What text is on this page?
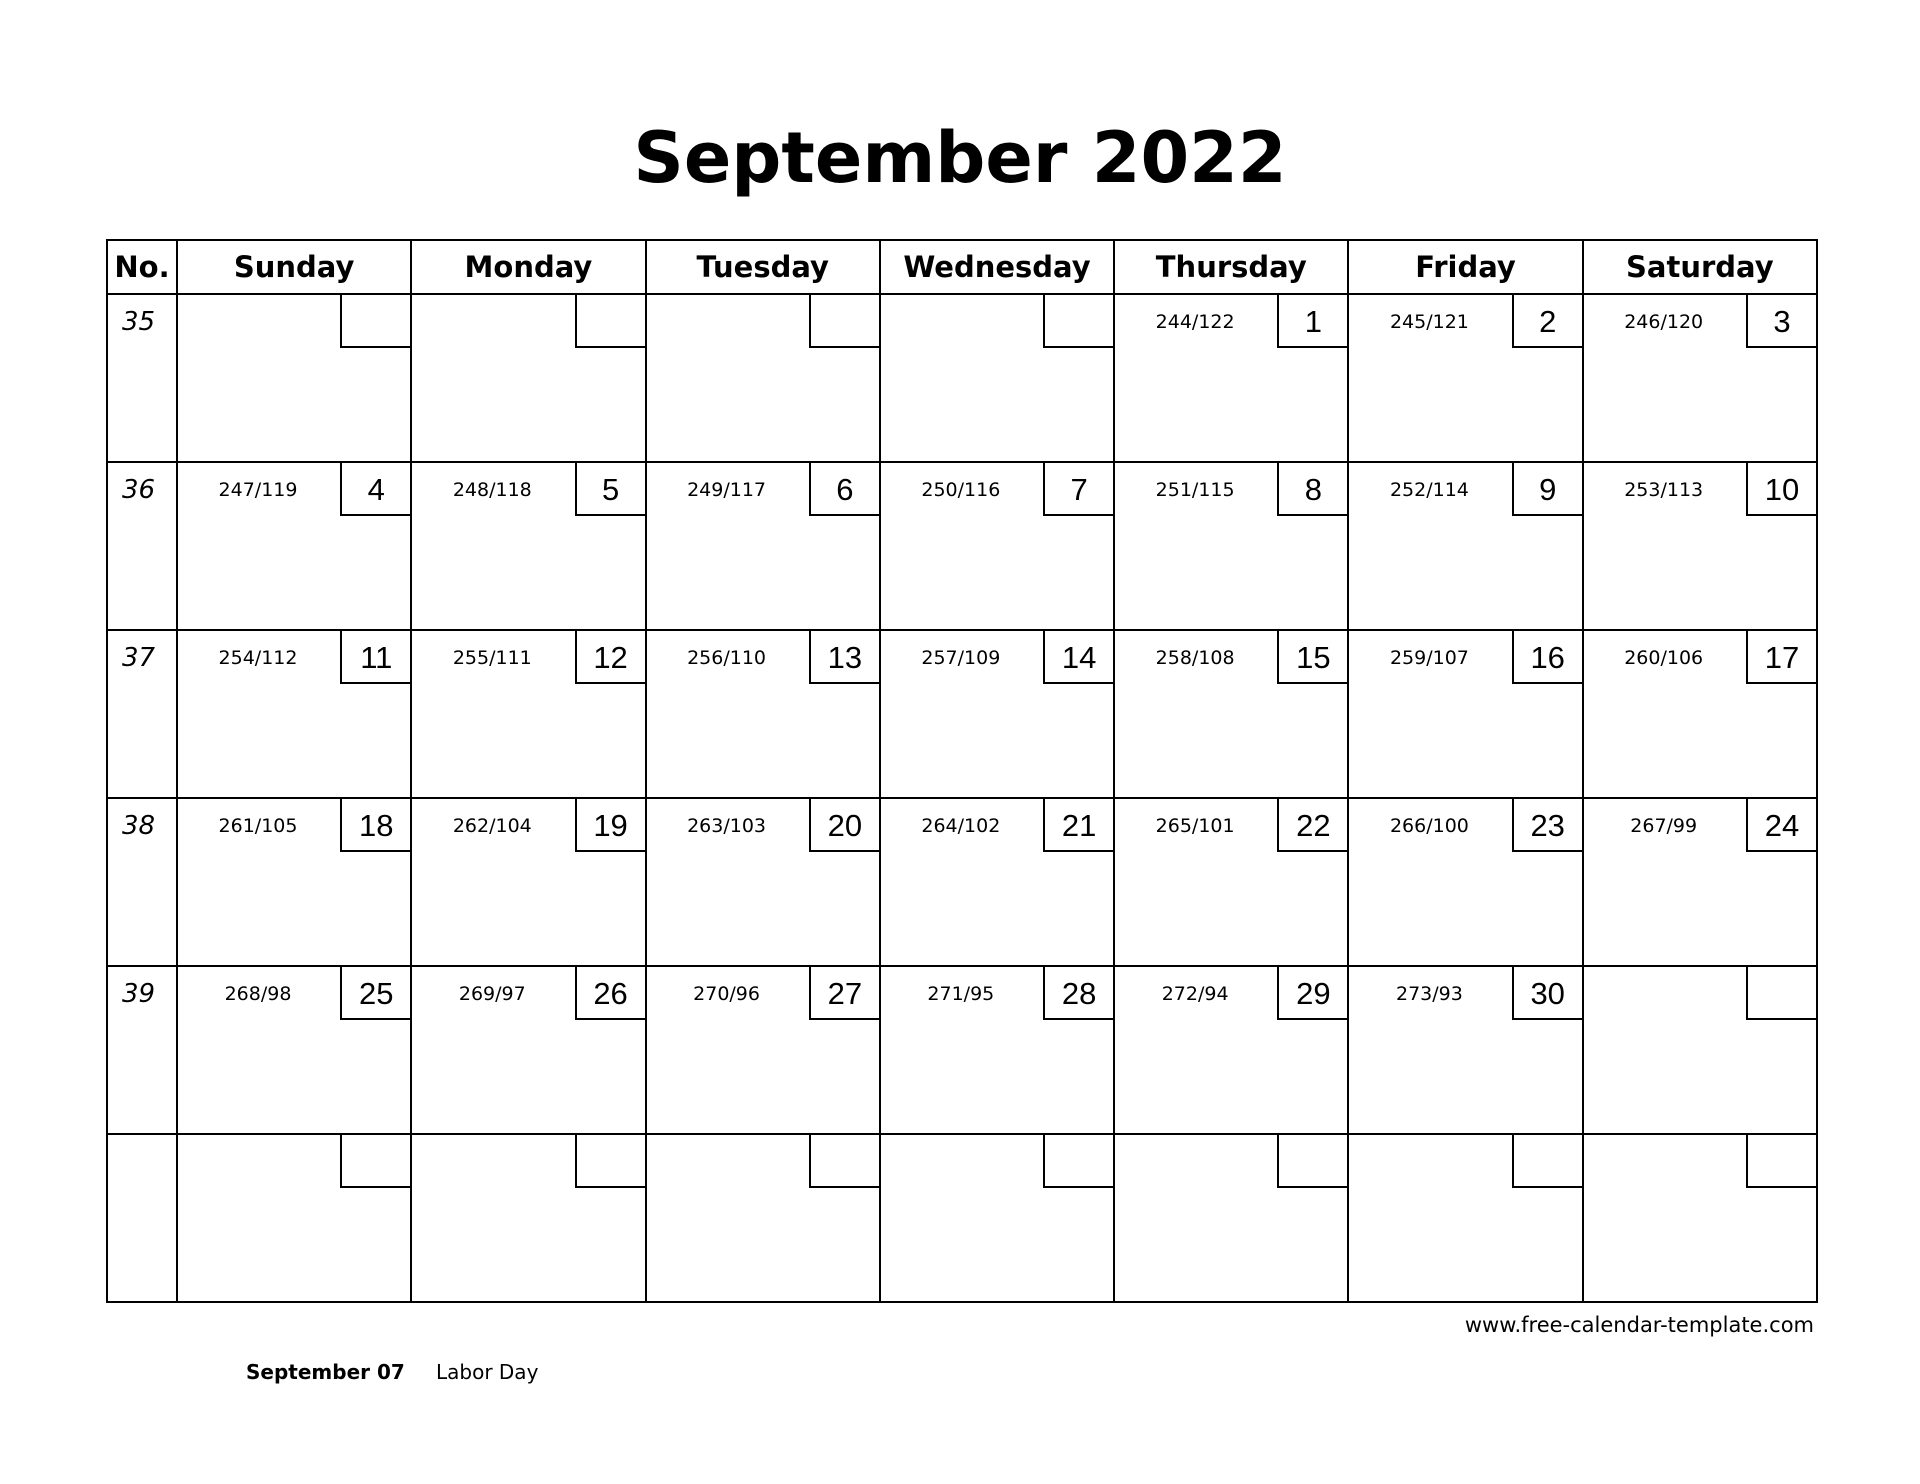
September 2022
No.	Sunday	Monday	Tuesday	Wednesday	Thursday	Friday	Saturday

35					244/122 1	245/121 2	246/120 3

36	247/119 4	248/118 5	249/117 6	250/116 7	251/115 8	252/114 9	253/113 10

37	254/112 11	255/111 12	256/110 13	257/109 14	258/108 15	259/107 16	260/106 17

38	261/105 18	262/104 19	263/103 20	264/102 21	265/101 22	266/100 23	267/99 24

39	268/98 25	269/97 26	270/96 27	271/95 28	272/94 29	273/93 30	

www.free-calendar-template.com
September 07 Labor Day
